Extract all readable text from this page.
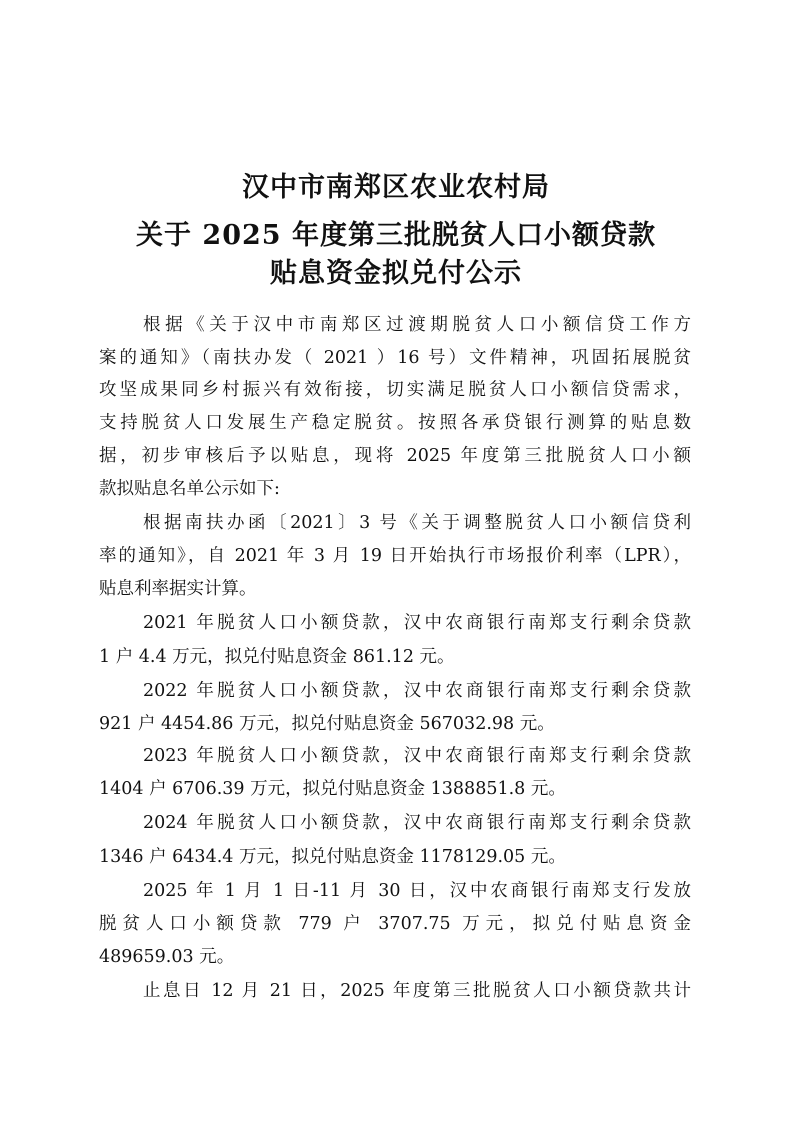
汉中市南郑区农业农村局
关于 2025 年度第三批脱贫人口小额贷款
贴息资金拟兑付公示
根据《关于汉中市南郑区过渡期脱贫人口小额信贷工作方
案的通知》（南扶办发（ 2021 ）16 号）文件精神，巩固拓展脱贫
攻坚成果同乡村振兴有效衔接，切实满足脱贫人口小额信贷需求，
支持脱贫人口发展生产稳定脱贫。按照各承贷银行测算的贴息数
据，初步审核后予以贴息，现将 2025 年度第三批脱贫人口小额
款拟贴息名单公示如下:
根据南扶办函〔2021〕3 号《关于调整脱贫人口小额信贷利
率的通知》，自 2021 年 3 月 19 日开始执行市场报价利率（LPR），
贴息利率据实计算。
2021 年脱贫人口小额贷款，汉中农商银行南郑支行剩余贷款
1 户 4.4 万元，拟兑付贴息资金 861.12 元。
2022 年脱贫人口小额贷款，汉中农商银行南郑支行剩余贷款
921 户 4454.86 万元，拟兑付贴息资金 567032.98 元。
2023 年脱贫人口小额贷款，汉中农商银行南郑支行剩余贷款
1404 户 6706.39 万元，拟兑付贴息资金 1388851.8 元。
2024 年脱贫人口小额贷款，汉中农商银行南郑支行剩余贷款
1346 户 6434.4 万元，拟兑付贴息资金 1178129.05 元。
2025 年 1 月 1 日-11 月 30 日，汉中农商银行南郑支行发放
脱贫人口小额贷款 779 户 3707.75 万元，拟兑付贴息资金
489659.03 元。
止息日 12 月 21 日，2025 年度第三批脱贫人口小额贷款共计
